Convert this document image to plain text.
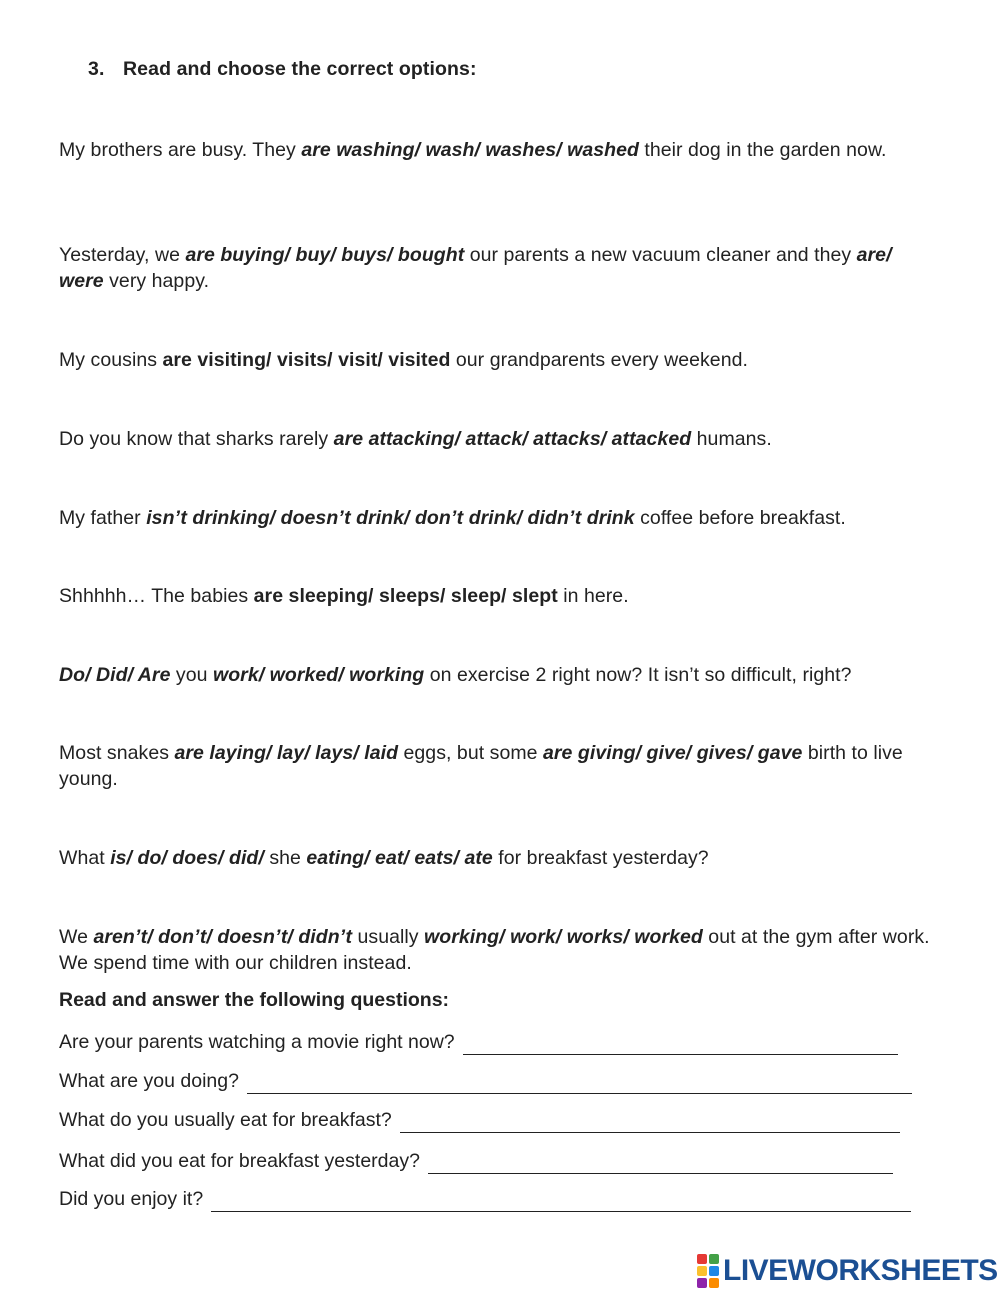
3. Read and choose the correct options:
My brothers are busy. They are washing/ wash/ washes/ washed their dog in the garden now.
Yesterday, we are buying/ buy/ buys/ bought our parents a new vacuum cleaner and they are/ were very happy.
My cousins are visiting/ visits/ visit/ visited our grandparents every weekend.
Do you know that sharks rarely are attacking/ attack/ attacks/ attacked humans.
My father isn’t drinking/ doesn’t drink/ don’t drink/ didn’t drink coffee before breakfast.
Shhhhh… The babies are sleeping/ sleeps/ sleep/ slept in here.
Do/ Did/ Are you work/ worked/ working on exercise 2 right now? It isn’t so difficult, right?
Most snakes are laying/ lay/ lays/ laid eggs, but some are giving/ give/ gives/ gave birth to live young.
What is/ do/ does/ did/ she eating/ eat/ eats/ ate for breakfast yesterday?
We aren’t/ don’t/ doesn’t/ didn’t usually working/ work/ works/ worked out at the gym after work. We spend time with our children instead.
Read and answer the following questions:
Are your parents watching a movie right now?
What are you doing?
What do you usually eat for breakfast?
What did you eat for breakfast yesterday?
Did you enjoy it?
LIVEWORKSHEETS
